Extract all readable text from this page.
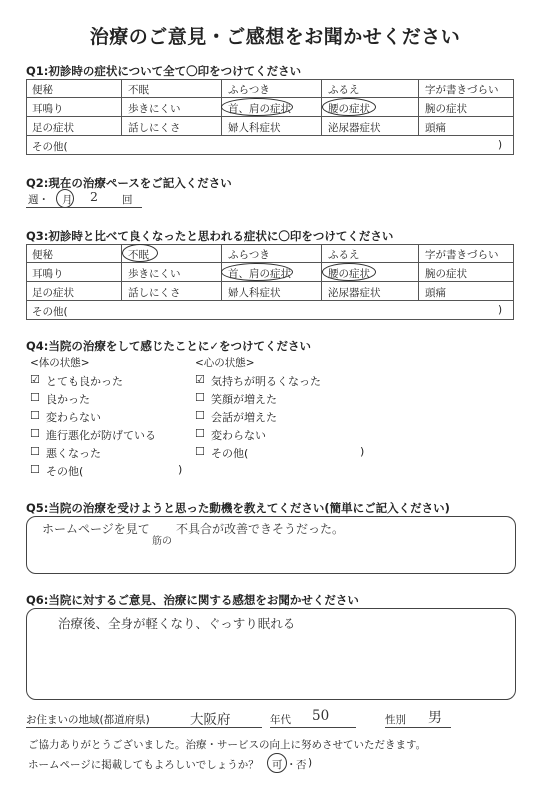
治療のご意見・ご感想をお聞かせください
Q1:初診時の症状について全て〇印をつけてください
便秘	不眠	ふらつき	ふるえ	字が書きづらい
耳鳴り	歩きにくい	首、肩の症状	腰の症状	腕の症状
足の症状	話しにくさ	婦人科症状	泌尿器症状	頭痛
その他(	)
Q2:現在の治療ペースをご記入ください
週・ 月 2 回
Q3:初診時と比べて良くなったと思われる症状に〇印をつけてください
便秘	不眠	ふらつき	ふるえ	字が書きづらい
耳鳴り	歩きにくい	首、肩の症状	腰の症状	腕の症状
足の症状	話しにくさ	婦人科症状	泌尿器症状	頭痛
その他(	)
Q4:当院の治療をして感じたことに✓をつけてください
<体の状態>	<心の状態>
☑ とても良かった
☐ 良かった
☐ 変わらない
☐ 進行悪化が防げている
☐ 悪くなった
☐ その他(	)
☑ 気持ちが明るくなった
☐ 笑顔が増えた
☐ 会話が増えた
☐ 変わらない
☐ その他(	)
Q5:当院の治療を受けようと思った動機を教えてください(簡単にご記入ください)
ホームページを見て
筋の
不具合が改善できそうだった。
Q6:当院に対するご意見、治療に関する感想をお聞かせください
治療後、全身が軽くなり、ぐっすり眠れる
お住まいの地域(都道府県)	大阪府	年代 50	性別 男
ご協力ありがとうございました。治療・サービスの向上に努めさせていただきます。
ホームページに掲載してもよろしいでしょうか？ 可 ・ 否 )
